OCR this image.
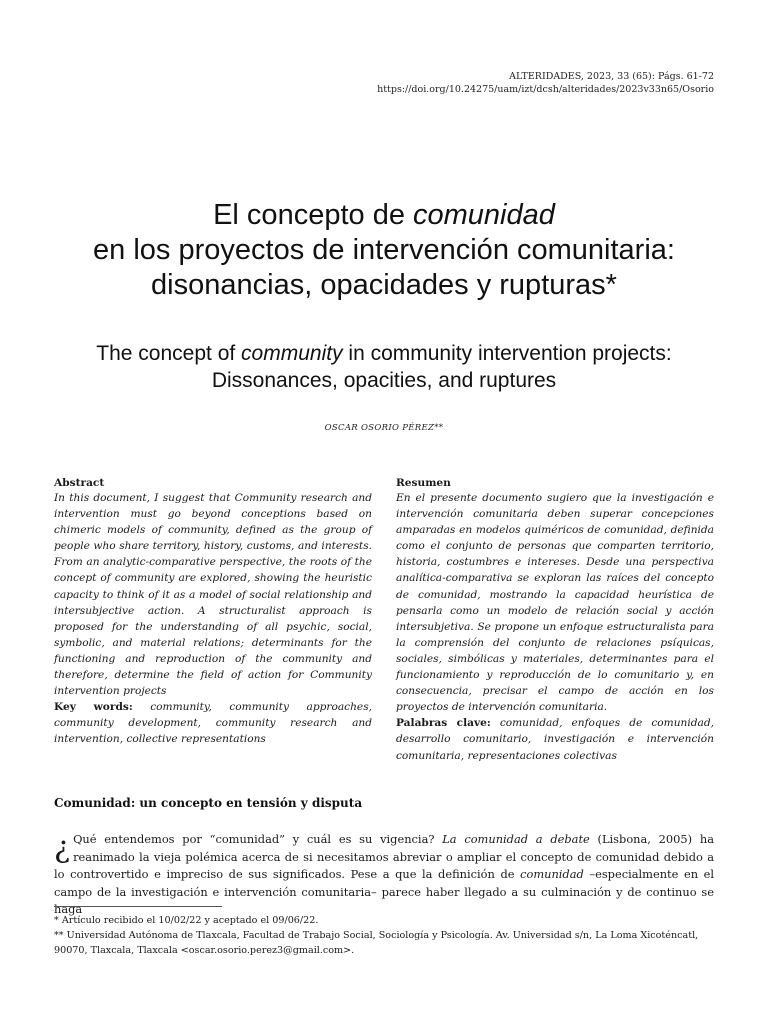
ALTERIDADES, 2023, 33 (65): Págs. 61-72
https://doi.org/10.24275/uam/izt/dcsh/alteridades/2023v33n65/Osorio
El concepto de comunidad
en los proyectos de intervención comunitaria:
disonancias, opacidades y rupturas*
The concept of community in community intervention projects:
Dissonances, opacities, and ruptures
OSCAR OSORIO PÉREZ**
Abstract

In this document, I suggest that Community research and intervention must go beyond conceptions based on chimeric models of community, defined as the group of people who share territory, history, customs, and interests. From an analytic-comparative perspective, the roots of the concept of community are explored, showing the heuristic capacity to think of it as a model of social relationship and intersubjective action. A structuralist approach is proposed for the understanding of all psychic, social, symbolic, and material relations; determinants for the functioning and reproduction of the community and therefore, determine the field of action for Community intervention projects

Key words: community, community approaches, community development, community research and intervention, collective representations

Resumen

En el presente documento sugiero que la investigación e intervención comunitaria deben superar concepciones amparadas en modelos quiméricos de comunidad, definida como el conjunto de personas que comparten territorio, historia, costumbres e intereses. Desde una perspectiva analítica-comparativa se exploran las raíces del concepto de comunidad, mostrando la capacidad heurística de pensarla como un modelo de relación social y acción intersubjetiva. Se propone un enfoque estructuralista para la comprensión del conjunto de relaciones psíquicas, sociales, simbólicas y materiales, determinantes para el funcionamiento y reproducción de lo comunitario y, en consecuencia, precisar el campo de acción en los proyectos de intervención comunitaria.

Palabras clave: comunidad, enfoques de comunidad, desarrollo comunitario, investigación e intervención comunitaria, representaciones colectivas

Comunidad: un concepto en tensión y disputa
¿ Qué entendemos por “comunidad” y cuál es su vigencia? La comunidad a debate (Lisbona, 2005) ha reanimado la vieja polémica acerca de si necesitamos abreviar o ampliar el concepto de comunidad debido a lo controvertido e impreciso de sus significados. Pese a que la definición de comunidad –especialmente en el campo de la investigación e intervención comunitaria– parece haber llegado a su culminación y de continuo se haga

* Artículo recibido el 10/02/22 y aceptado el 09/06/22.

** Universidad Autónoma de Tlaxcala, Facultad de Trabajo Social, Sociología y Psicología. Av. Universidad s/n, La Loma Xicoténcatl, 90070, Tlaxcala, Tlaxcala <oscar.osorio.perez3@gmail.com>.
